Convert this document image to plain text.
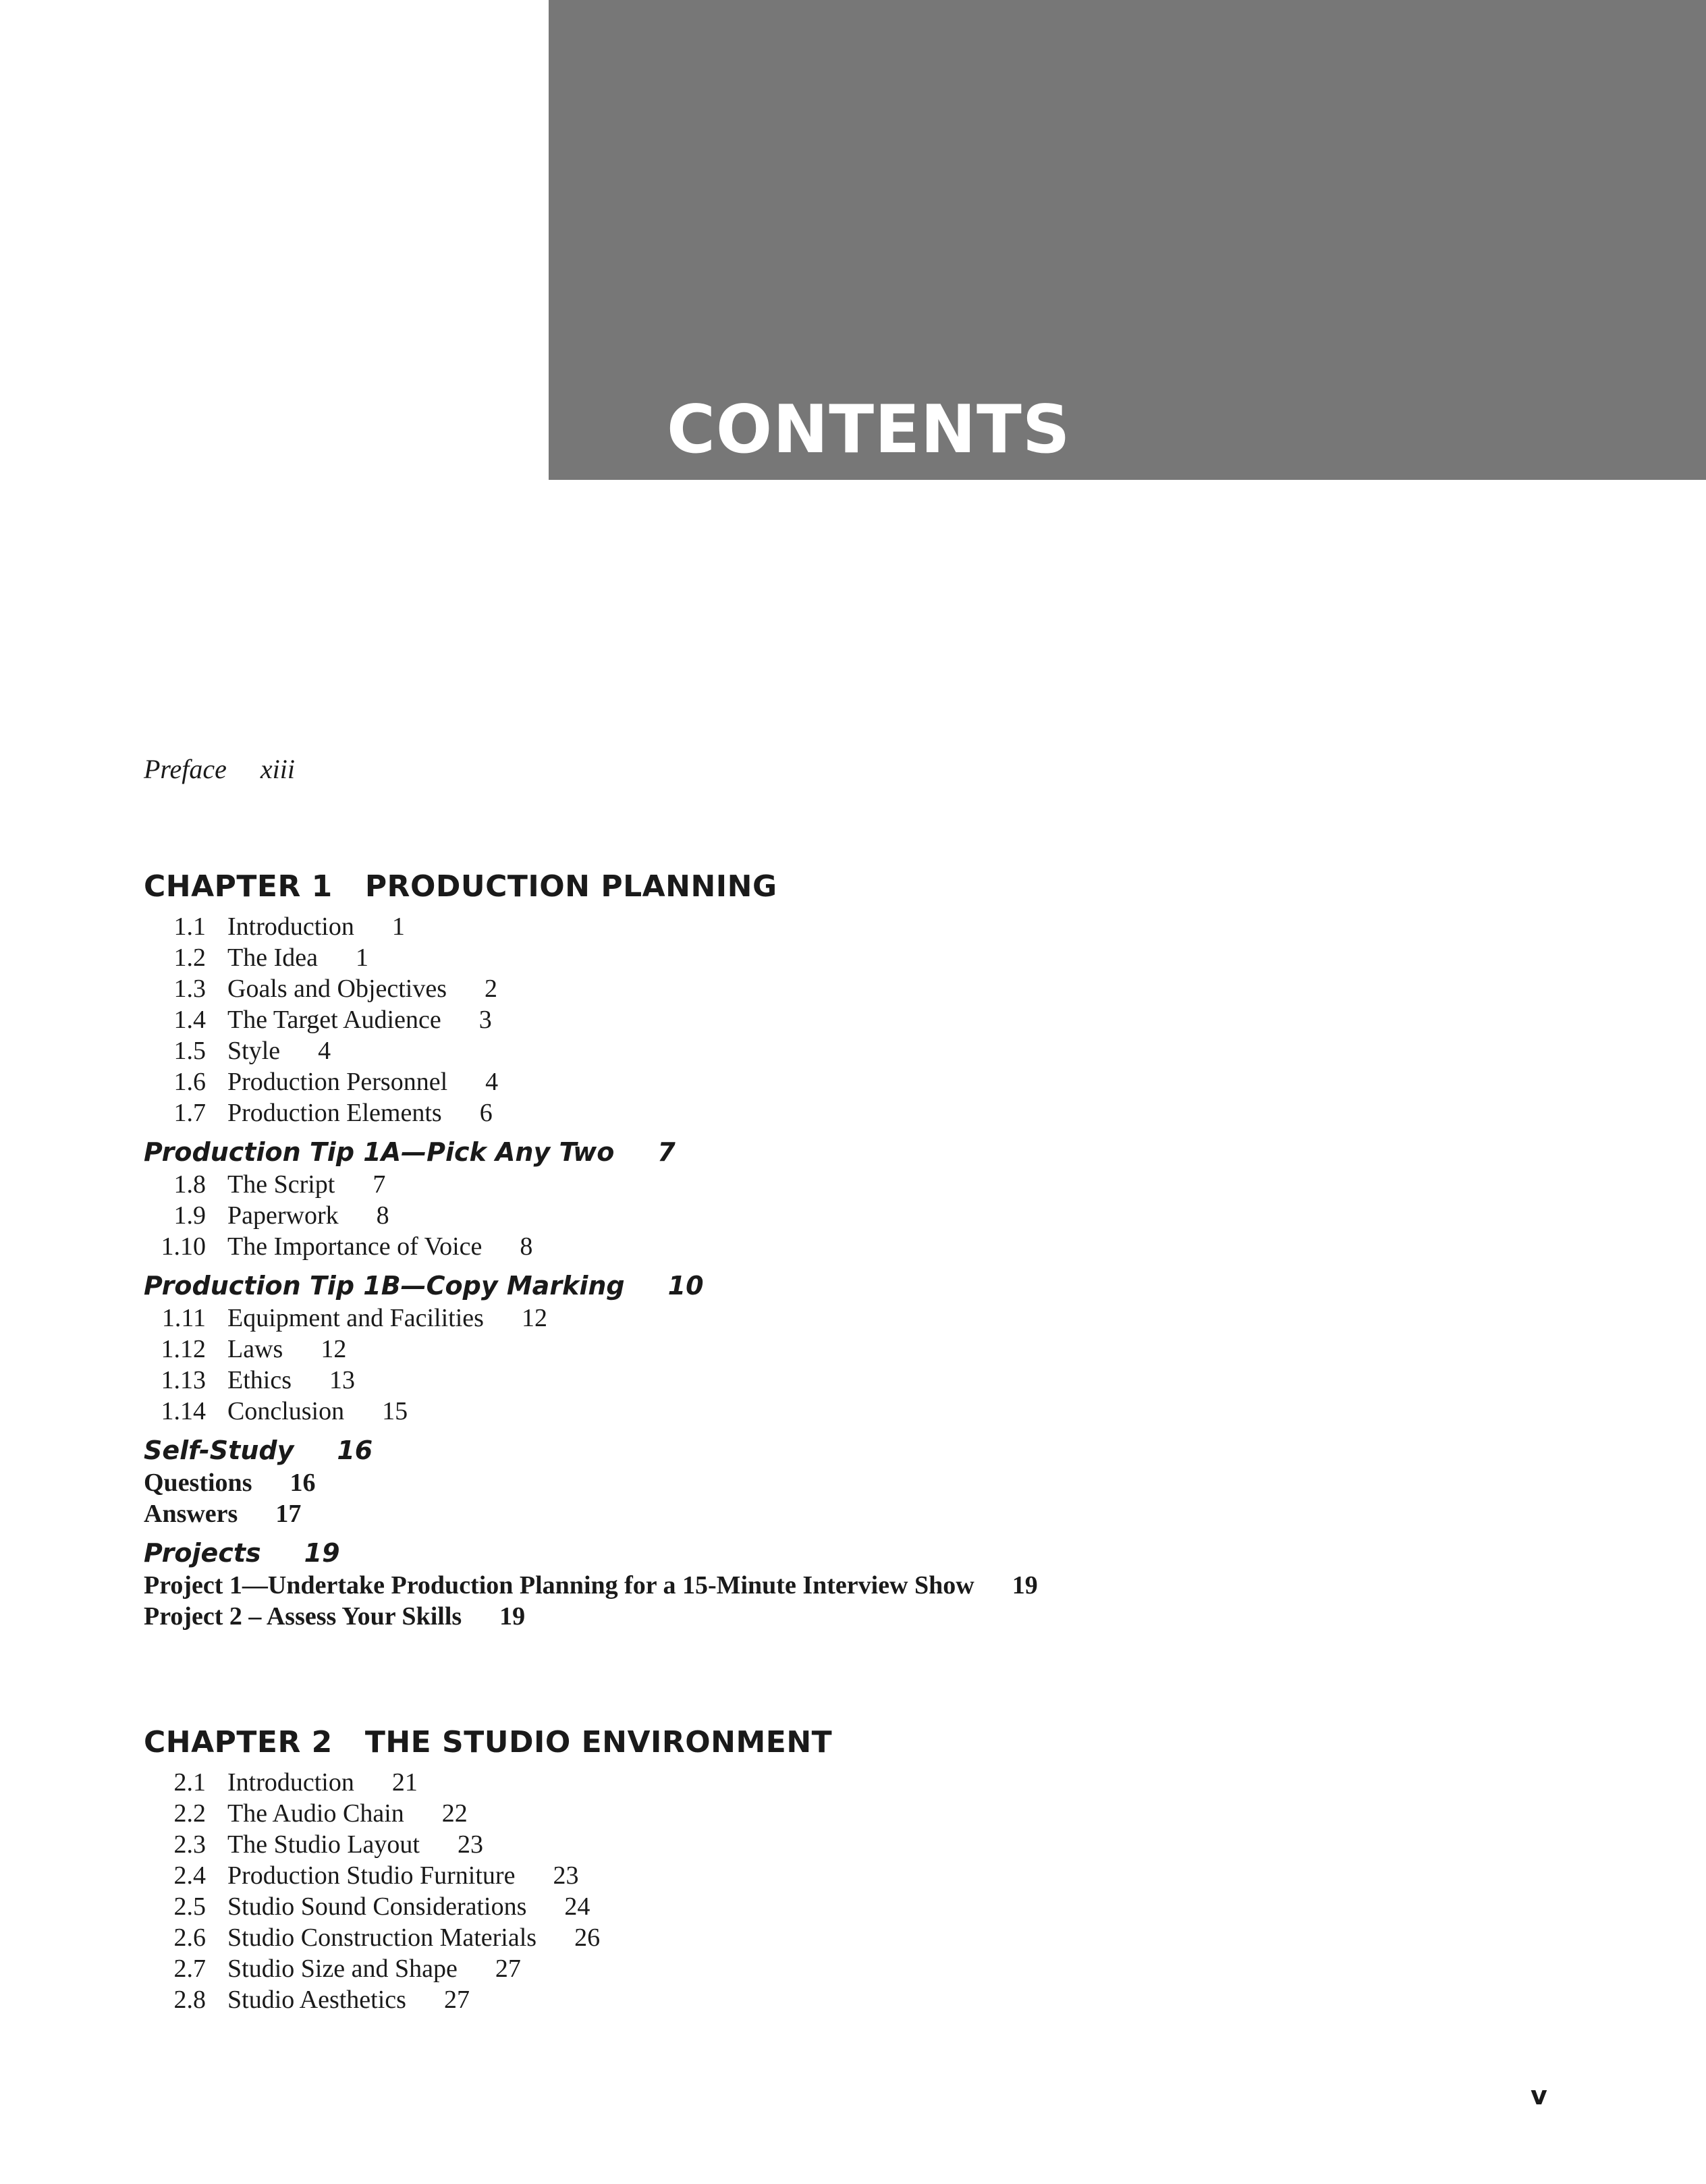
CONTENTS
Preface xiii
CHAPTER 1 PRODUCTION PLANNING
1.1 Introduction 1
1.2 The Idea 1
1.3 Goals and Objectives 2
1.4 The Target Audience 3
1.5 Style 4
1.6 Production Personnel 4
1.7 Production Elements 6
Production Tip 1A—Pick Any Two 7
1.8 The Script 7
1.9 Paperwork 8
1.10 The Importance of Voice 8
Production Tip 1B—Copy Marking 10
1.11 Equipment and Facilities 12
1.12 Laws 12
1.13 Ethics 13
1.14 Conclusion 15
Self-Study 16
Questions 16
Answers 17
Projects 19
Project 1—Undertake Production Planning for a 15-Minute Interview Show 19
Project 2 – Assess Your Skills 19
CHAPTER 2 THE STUDIO ENVIRONMENT
2.1 Introduction 21
2.2 The Audio Chain 22
2.3 The Studio Layout 23
2.4 Production Studio Furniture 23
2.5 Studio Sound Considerations 24
2.6 Studio Construction Materials 26
2.7 Studio Size and Shape 27
2.8 Studio Aesthetics 27
v
